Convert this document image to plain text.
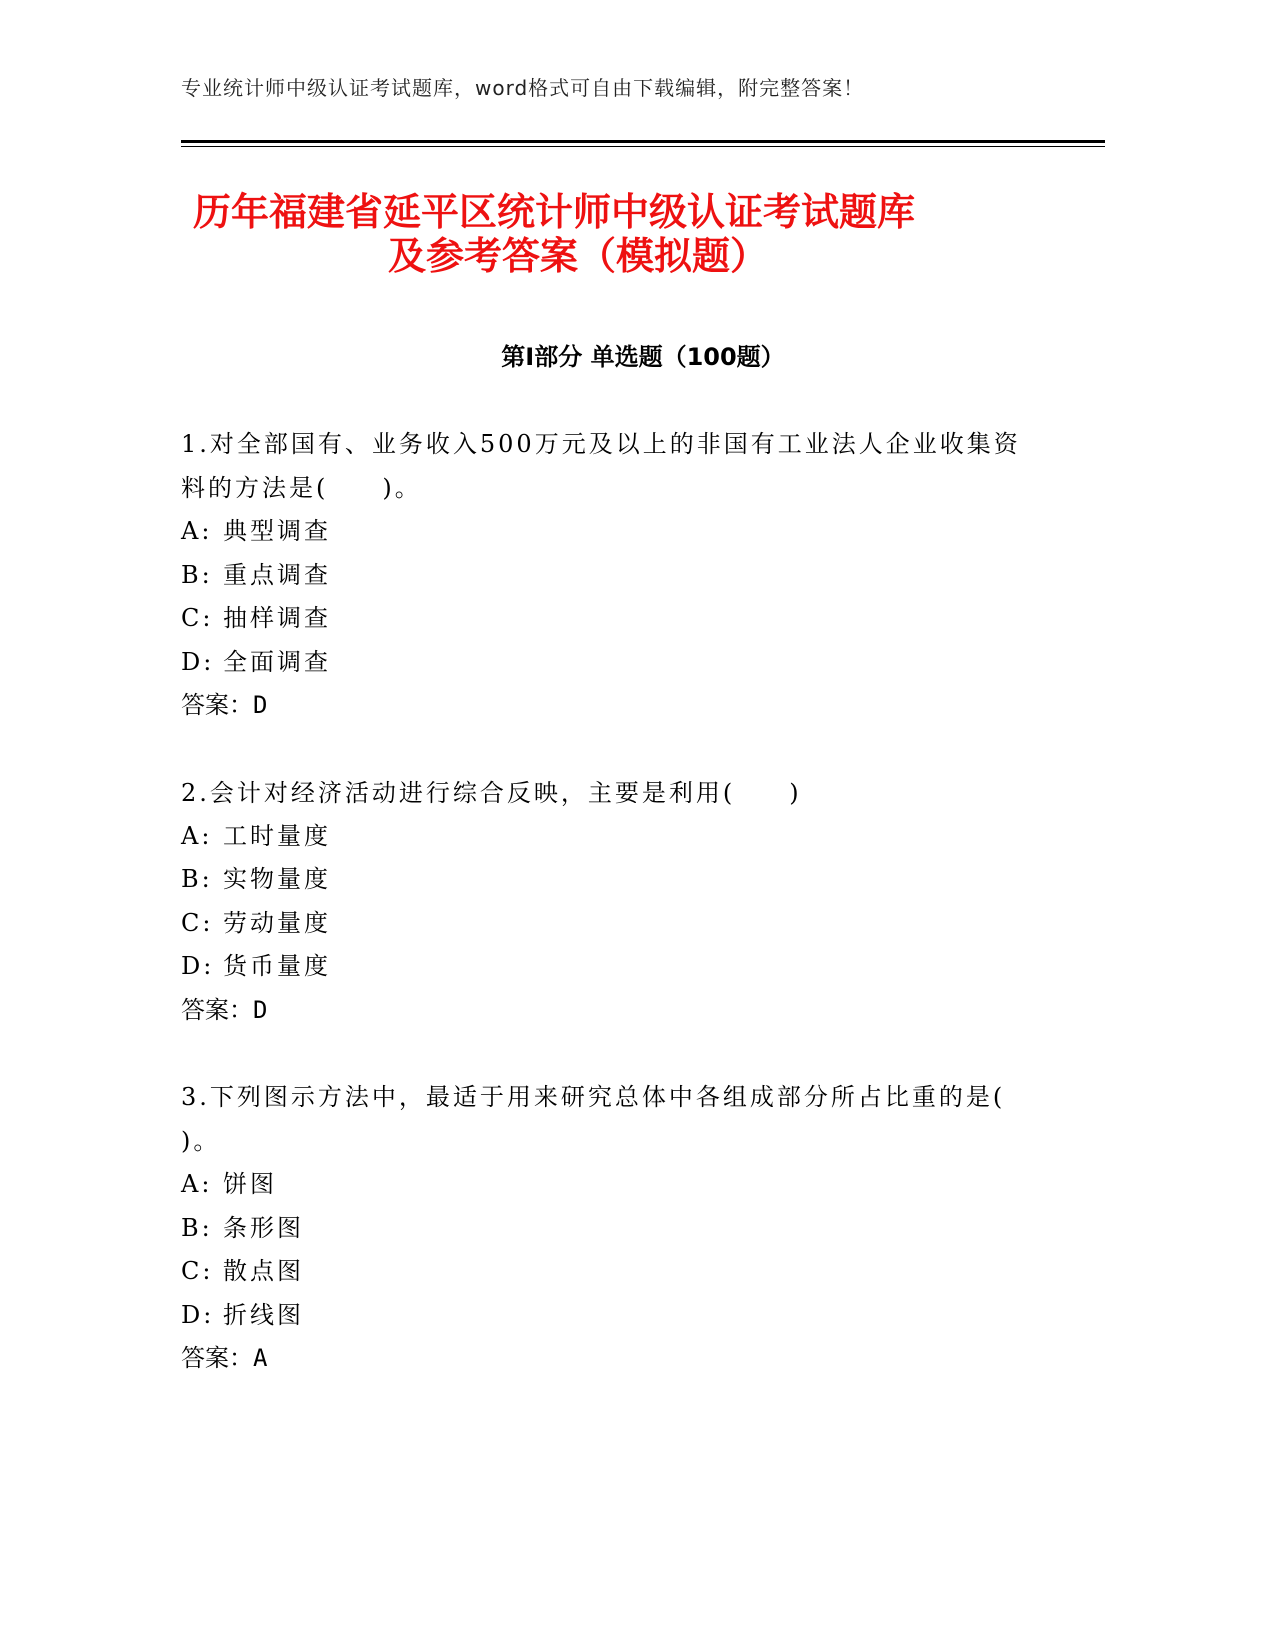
专业统计师中级认证考试题库，word格式可自由下载编辑，附完整答案！
历年福建省延平区统计师中级认证考试题库
及参考答案（模拟题）
第Ⅰ部分 单选题（100题）
1.对全部国有、业务收入500万元及以上的非国有工业法人企业收集资料的方法是(　　)。
A: 典型调查
B: 重点调查
C: 抽样调查
D: 全面调查
答案：D
2.会计对经济活动进行综合反映，主要是利用(　　)
A: 工时量度
B: 实物量度
C: 劳动量度
D: 货币量度
答案：D
3.下列图示方法中，最适于用来研究总体中各组成部分所占比重的是(　　　)。
A: 饼图
B: 条形图
C: 散点图
D: 折线图
答案：A
